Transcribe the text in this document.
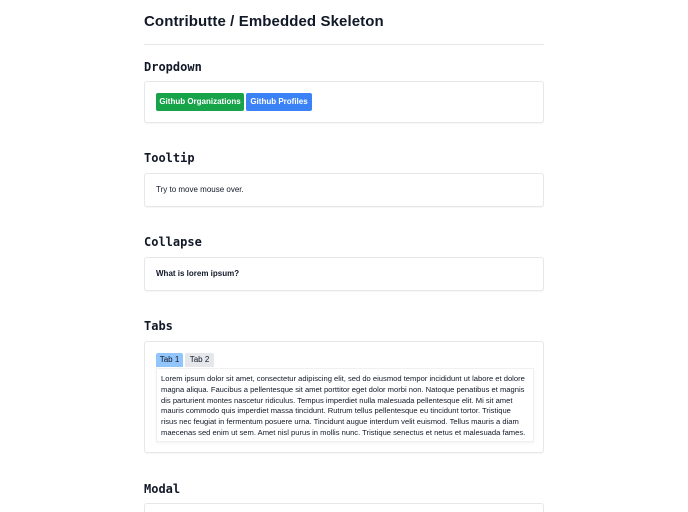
Contributte / Embedded Skeleton
Dropdown
Github Organizations	Github Profiles
Tooltip
Try to move mouse over.
Collapse
What is lorem ipsum?
Tabs
Tab 1	Tab 2

Lorem ipsum dolor sit amet, consectetur adipiscing elit, sed do eiusmod tempor incididunt ut labore et dolore magna aliqua. Faucibus a pellentesque sit amet porttitor eget dolor morbi non. Natoque penatibus et magnis dis parturient montes nascetur ridiculus. Tempus imperdiet nulla malesuada pellentesque elit. Mi sit amet mauris commodo quis imperdiet massa tincidunt. Rutrum tellus pellentesque eu tincidunt tortor. Tristique risus nec feugiat in fermentum posuere urna. Tincidunt augue interdum velit euismod. Tellus mauris a diam maecenas sed enim ut sem. Amet nisl purus in mollis nunc. Tristique senectus et netus et malesuada fames.

Modal
